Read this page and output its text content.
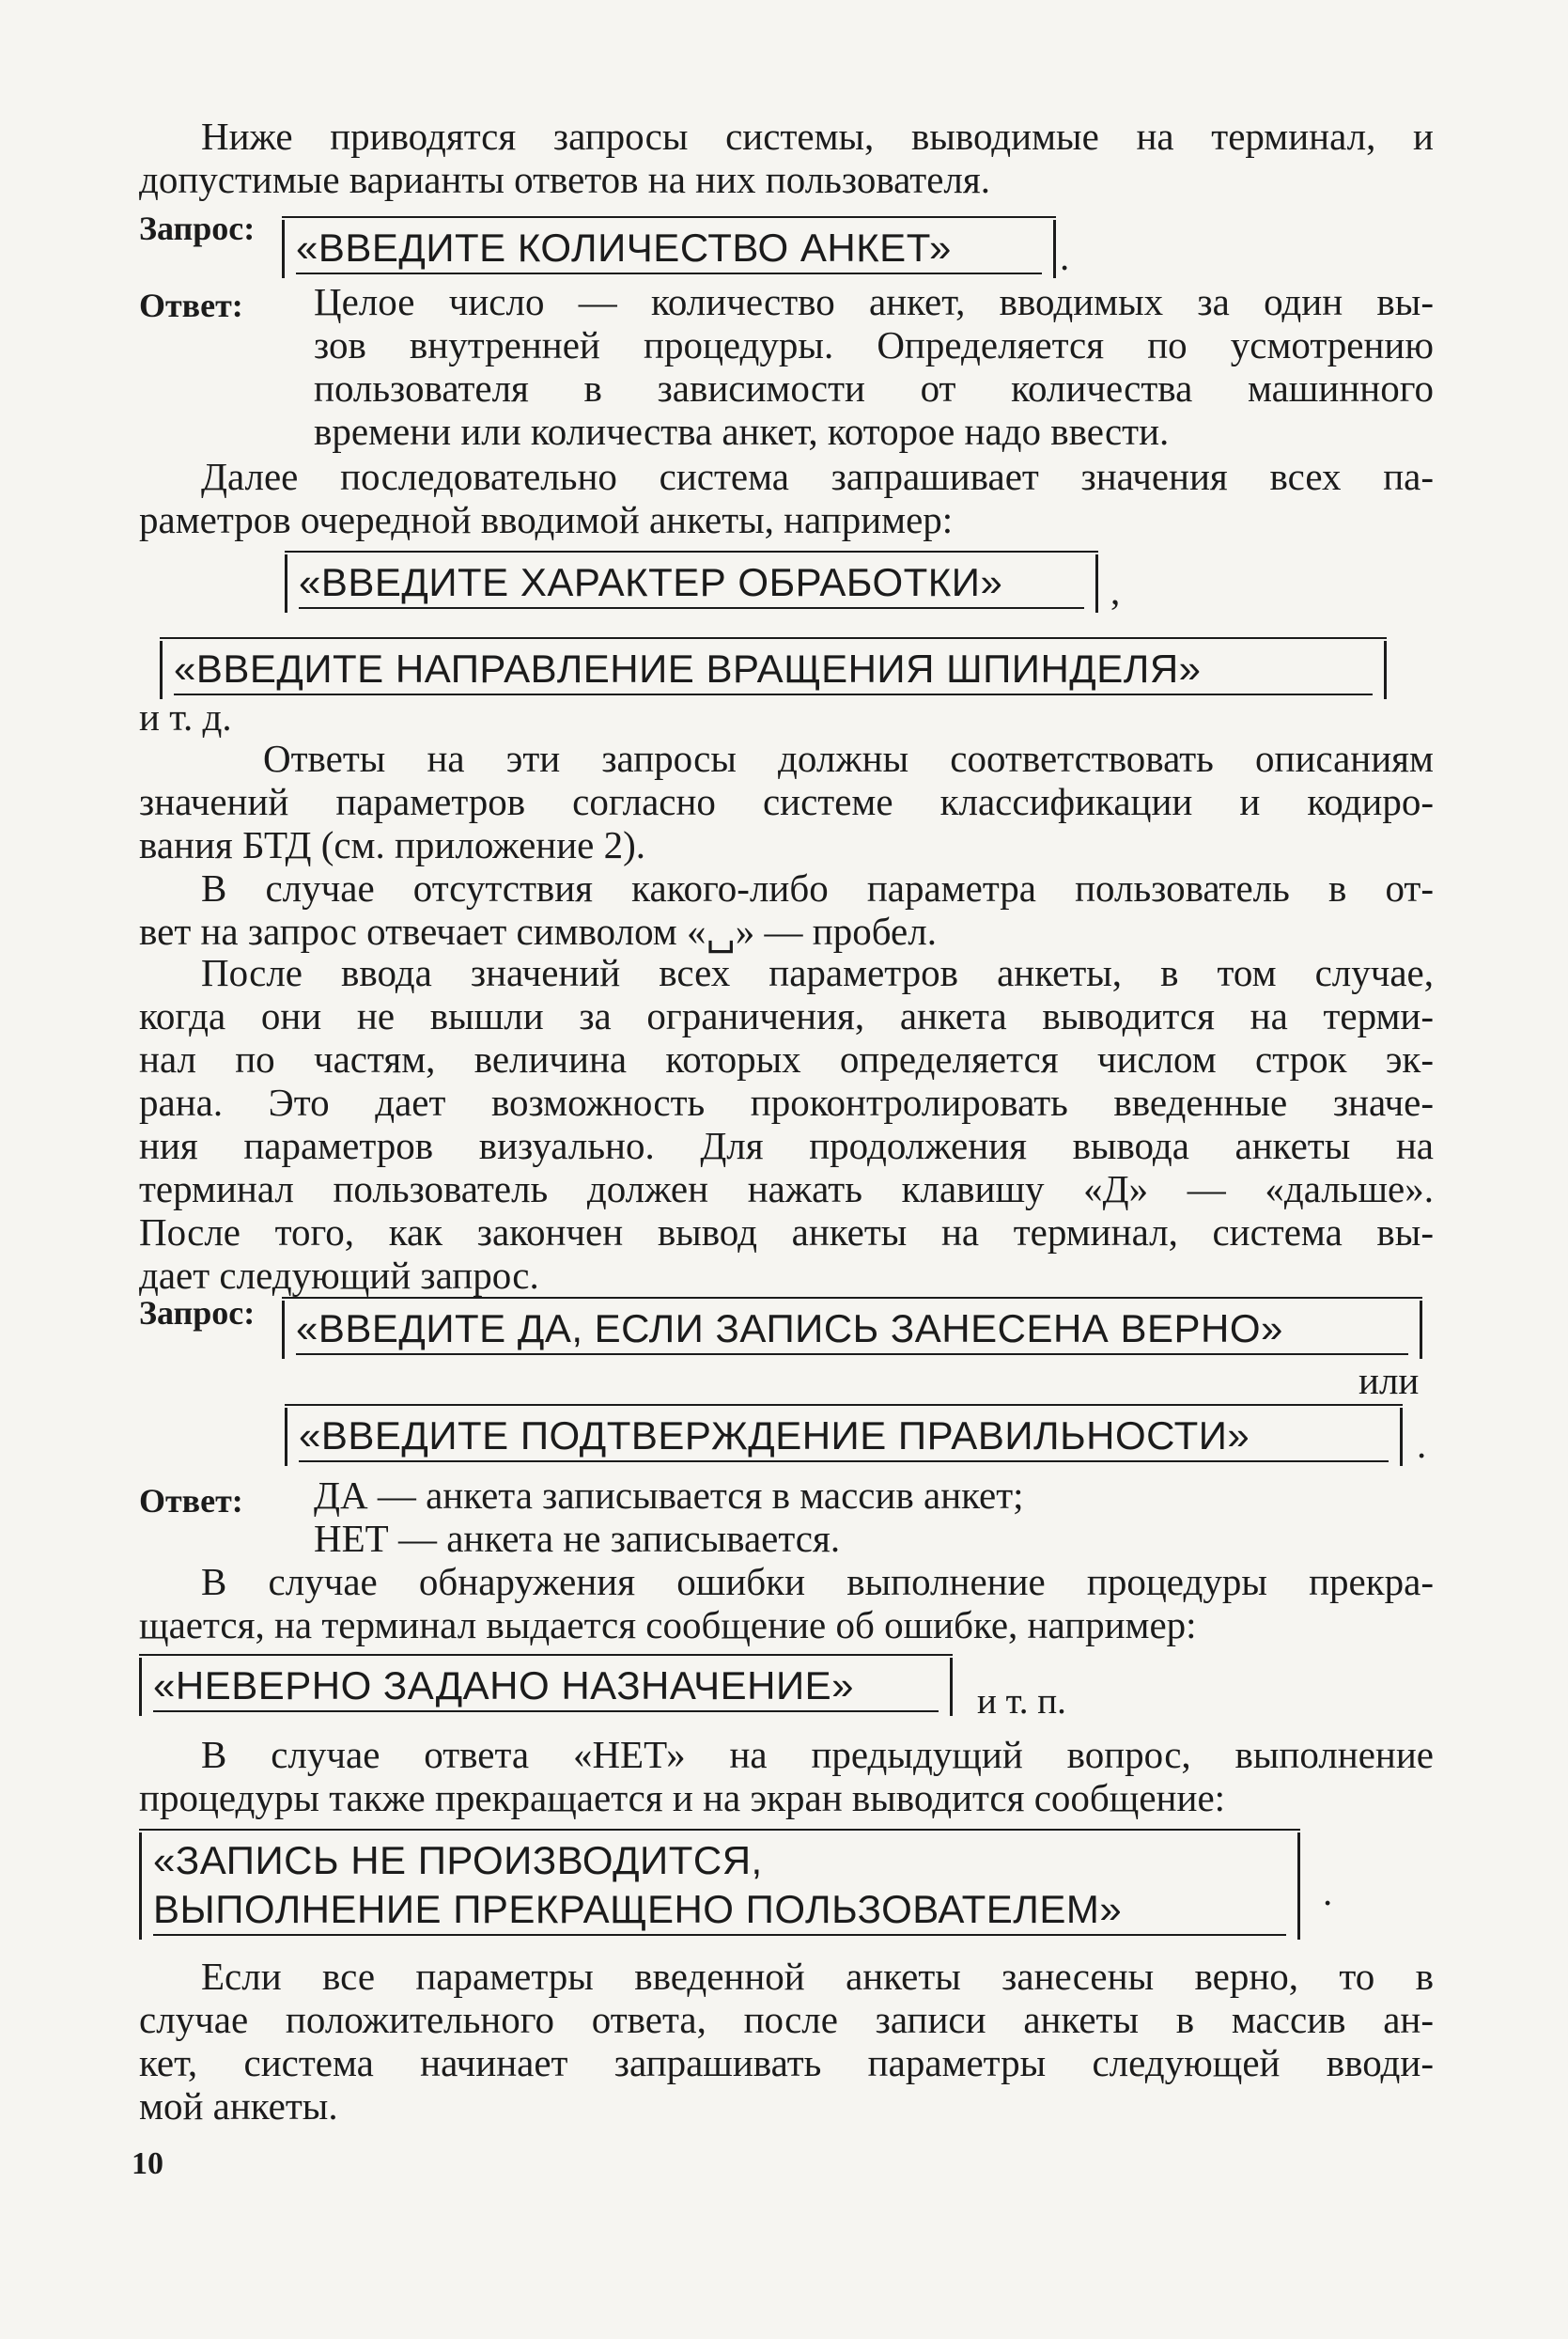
Ниже приводятся запросы системы, выводимые на терминал, и
допустимые варианты ответов на них пользователя.
Запрос: «ВВЕДИТЕ КОЛИЧЕСТВО АНКЕТ»	.
Ответ: Целое число — количество анкет, вводимых за один вы-
зов внутренней процедуры. Определяется по усмотрению
пользователя в зависимости от количества машинного
времени или количества анкет, которое надо ввести.
Далее последовательно система запрашивает значения всех па-
раметров очередной вводимой анкеты, например:
«ВВЕДИТЕ ХАРАКТЕР ОБРАБОТКИ»	,
«ВВЕДИТЕ НАПРАВЛЕНИЕ ВРАЩЕНИЯ ШПИНДЕЛЯ»
и т. д.
Ответы на эти запросы должны соответствовать описаниям
значений параметров согласно системе классификации и кодиро-
вания БТД (см. приложение 2).
В случае отсутствия какого-либо параметра пользователь в от-
вет на запрос отвечает символом «␣» — пробел.
После ввода значений всех параметров анкеты, в том случае,
когда они не вышли за ограничения, анкета выводится на терми-
нал по частям, величина которых определяется числом строк эк-
рана. Это дает возможность проконтролировать введенные значе-
ния параметров визуально. Для продолжения вывода анкеты на
терминал пользователь должен нажать клавишу «Д» — «дальше».
После того, как закончен вывод анкеты на терминал, система вы-
дает следующий запрос.
Запрос: «ВВЕДИТЕ ДА, ЕСЛИ ЗАПИСЬ ЗАНЕСЕНА ВЕРНО»
или
«ВВЕДИТЕ ПОДТВЕРЖДЕНИЕ ПРАВИЛЬНОСТИ»	.
Ответ: ДА — анкета записывается в массив анкет;
НЕТ — анкета не записывается.
В случае обнаружения ошибки выполнение процедуры прекра-
щается, на терминал выдается сообщение об ошибке, например:
«НЕВЕРНО ЗАДАНО НАЗНАЧЕНИЕ»	и т. п.
В случае ответа «НЕТ» на предыдущий вопрос, выполнение
процедуры также прекращается и на экран выводится сообщение:
«ЗАПИСЬ НЕ ПРОИЗВОДИТСЯ,
ВЫПОЛНЕНИЕ ПРЕКРАЩЕНО ПОЛЬЗОВАТЕЛЕМ»	.
Если все параметры введенной анкеты занесены верно, то в
случае положительного ответа, после записи анкеты в массив ан-
кет, система начинает запрашивать параметры следующей вводи-
мой анкеты.
10
